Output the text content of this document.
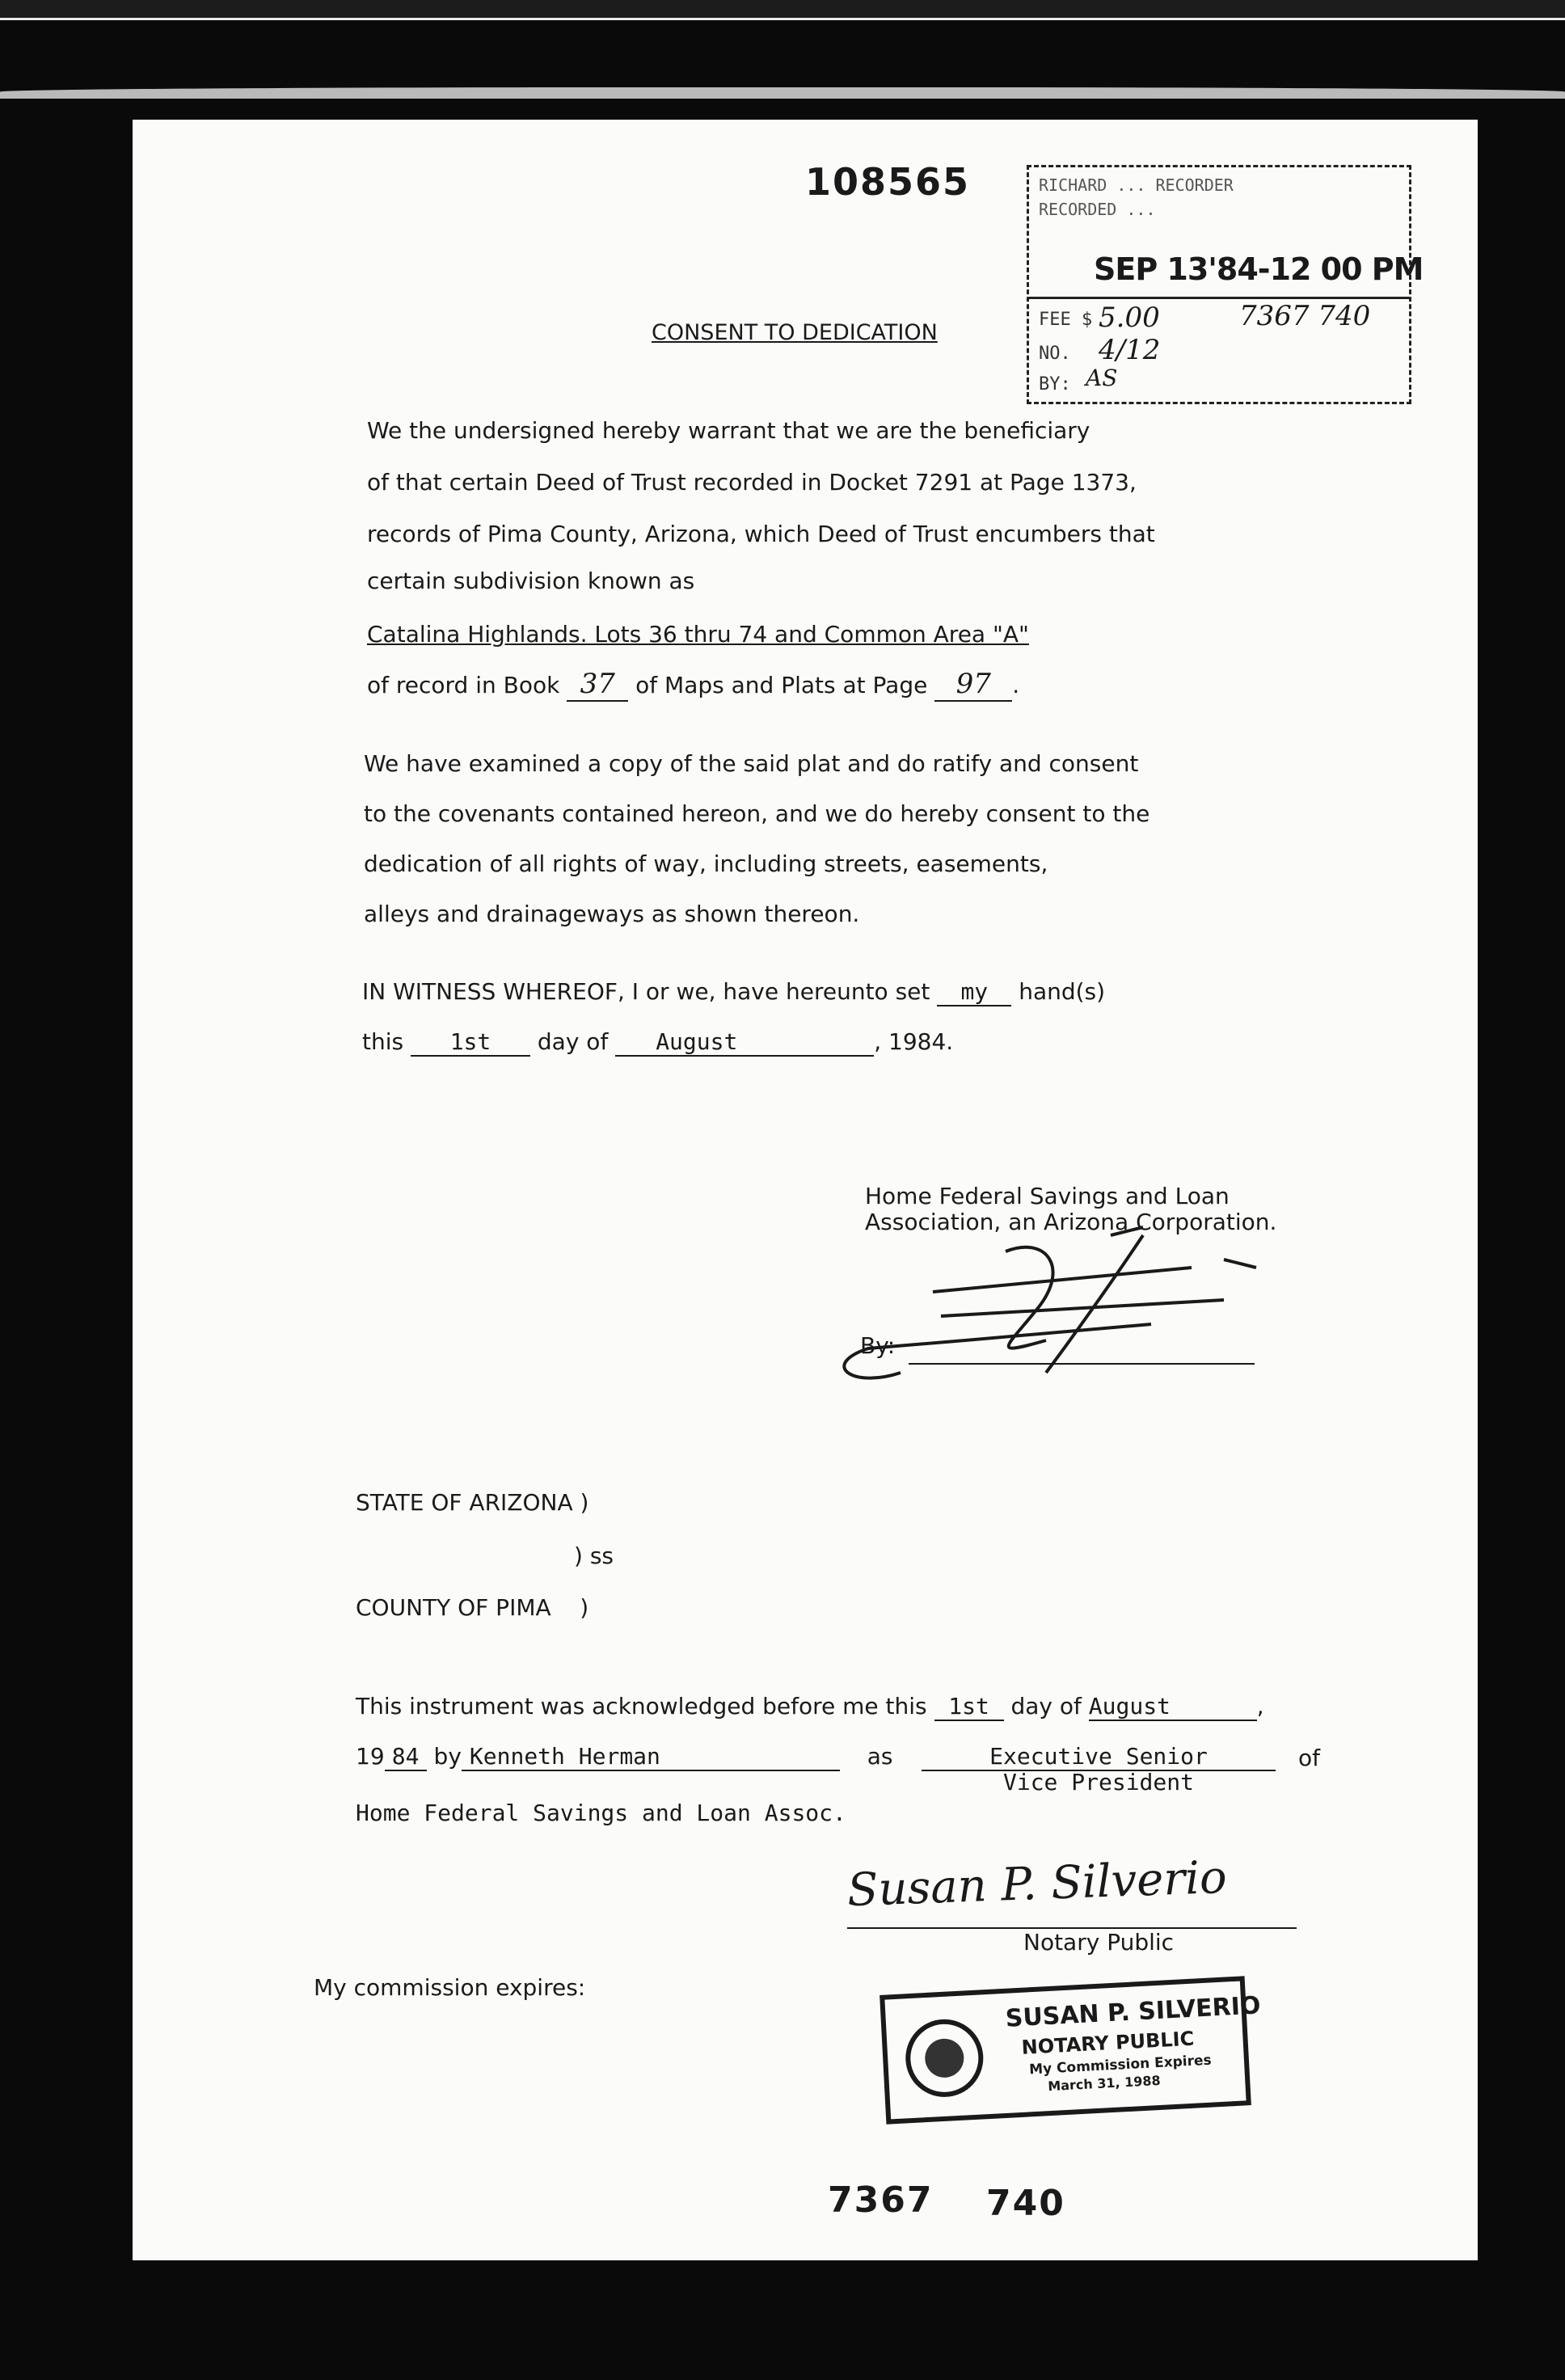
108565	RICHARD ... RECORDER
RECORDED ...
SEP 13'84-12 00 PM
FEE $ 5.00	7367 740
NO. 4/12
BY: AS
CONSENT TO DEDICATION
We the undersigned hereby warrant that we are the beneficiary
of that certain Deed of Trust recorded in Docket 7291 at Page 1373,
records of Pima County, Arizona, which Deed of Trust encumbers that
certain subdivision known as
Catalina Highlands. Lots 36 thru 74 and Common Area "A"
of record in Book 37 of Maps and Plats at Page 97 .
We have examined a copy of the said plat and do ratify and consent
to the covenants contained hereon, and we do hereby consent to the
dedication of all rights of way, including streets, easements,
alleys and drainageways as shown thereon.
IN WITNESS WHEREOF, I or we, have hereunto set my hand(s)
this 1st day of August	, 1984.
Home Federal Savings and Loan Association, an Arizona Corporation.
By:
STATE OF ARIZONA )
) ss
COUNTY OF PIMA    )
This instrument was acknowledged before me this 1st day of August	,
19 84 by Kenneth Herman	as	Executive Senior
Vice President
of
Home Federal Savings and Loan Assoc.
Susan P. Silverio
Notary Public
My commission expires:
SUSAN P. SILVERIO
NOTARY PUBLIC
My Commission Expires
March 31, 1988
7367 740
